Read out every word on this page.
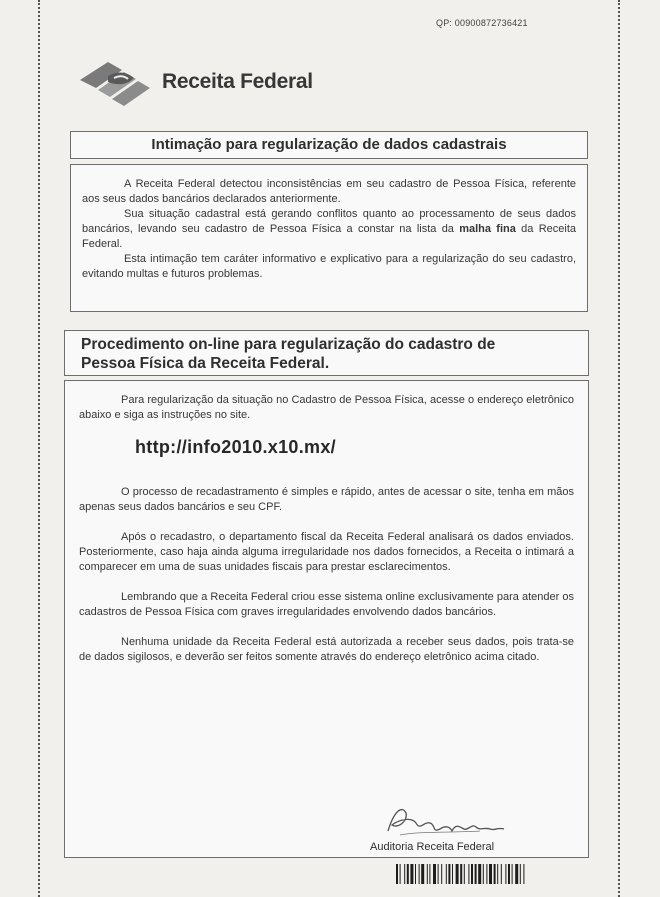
QP: 00900872736421
Receita Federal
Intimação para regularização de dados cadastrais

A Receita Federal detectou inconsistências em seu cadastro de Pessoa Física, referente aos seus dados bancários declarados anteriormente.

Sua situação cadastral está gerando conflitos quanto ao processamento de seus dados bancários, levando seu cadastro de Pessoa Física a constar na lista da malha fina da Receita Federal.

Esta intimação tem caráter informativo e explicativo para a regularização do seu cadastro, evitando multas e futuros problemas.

Procedimento on-line para regularização do cadastro de
Pessoa Física da Receita Federal.

Para regularização da situação no Cadastro de Pessoa Física, acesse o endereço eletrônico abaixo e siga as instruções no site.

http://info2010.x10.mx/

O processo de recadastramento é simples e rápido, antes de acessar o site, tenha em mãos apenas seus dados bancários e seu CPF.

Após o recadastro, o departamento fiscal da Receita Federal analisará os dados enviados. Posteriormente, caso haja ainda alguma irregularidade nos dados fornecidos, a Receita o intimará a comparecer em uma de suas unidades fiscais para prestar esclarecimentos.

Lembrando que a Receita Federal criou esse sistema online exclusivamente para atender os cadastros de Pessoa Física com graves irregularidades envolvendo dados bancários.

Nenhuma unidade da Receita Federal está autorizada a receber seus dados, pois trata-se de dados sigilosos, e deverão ser feitos somente através do endereço eletrônico acima citado.

Auditoria Receita Federal
